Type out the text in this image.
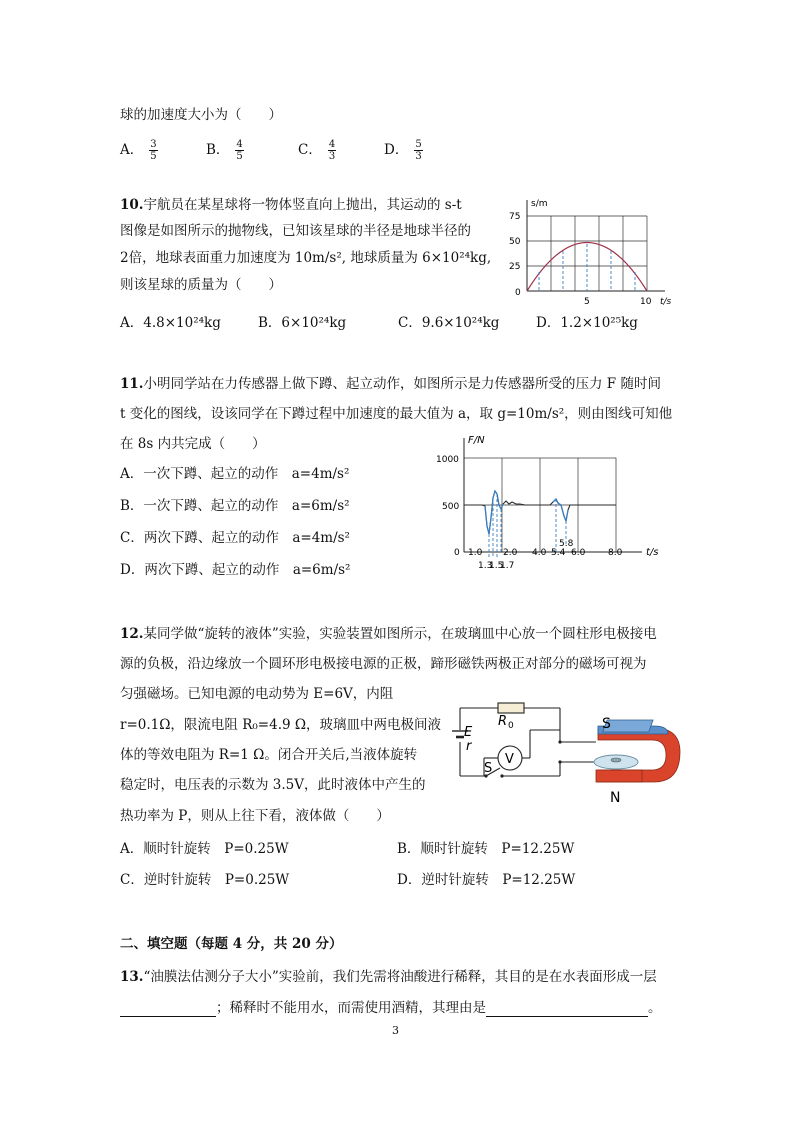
球的加速度大小为（　　）
A． $\frac{3}{5}$	B． $\frac{4}{5}$	C． $\frac{4}{3}$	D． $\frac{5}{3}$
10.宇航员在某星球将一物体竖直向上抛出，其运动的 s-t
图像是如图所示的抛物线，已知该星球的半径是地球半径的
2倍，地球表面重力加速度为 10m/s², 地球质量为 6×10²⁴kg,
则该星球的质量为（　　）
A．4.8×10²⁴kg	B．6×10²⁴kg	C．9.6×10²⁴kg	D．1.2×10²⁵kg
s/m
75
50
25
0
5	10 t/s
11.小明同学站在力传感器上做下蹲、起立动作，如图所示是力传感器所受的压力 F 随时间
t 变化的图线，设该同学在下蹲过程中加速度的最大值为 a，取 g=10m/s²，则由图线可知他
在 8s 内共完成（　　）
A．一次下蹲、起立的动作　a=4m/s²
B．一次下蹲、起立的动作　a=6m/s²
C．两次下蹲、起立的动作　a=4m/s²
D．两次下蹲、起立的动作　a=6m/s²
F/N
1000
500
0 1.0 2.0 4.0 5.4 6.0	8.0
1.3
1.5
1.7
5.8
t/s
12.某同学做“旋转的液体”实验，实验装置如图所示，在玻璃皿中心放一个圆柱形电极接电
源的负极，沿边缘放一个圆环形电极接电源的正极，蹄形磁铁两极正对部分的磁场可视为
匀强磁场。已知电源的电动势为 E=6V，内阻
r=0.1Ω，限流电阻 R₀=4.9 Ω，玻璃皿中两电极间液
体的等效电阻为 R=1 Ω。闭合开关后,当液体旋转
稳定时，电压表的示数为 3.5V，此时液体中产生的
热功率为 P，则从上往下看，液体做（　　）
A．顺时针旋转　P=0.25W	B．顺时针旋转　P=12.25W
C．逆时针旋转　P=0.25W	D．逆时针旋转　P=12.25W
E
r
R 0
V
S
S
N
二、填空题（每题 4 分，共 20 分）
13.“油膜法估测分子大小”实验前，我们先需将油酸进行稀释，其目的是在水表面形成一层
；稀释时不能用水，而需使用酒精，其理由是	。
3
